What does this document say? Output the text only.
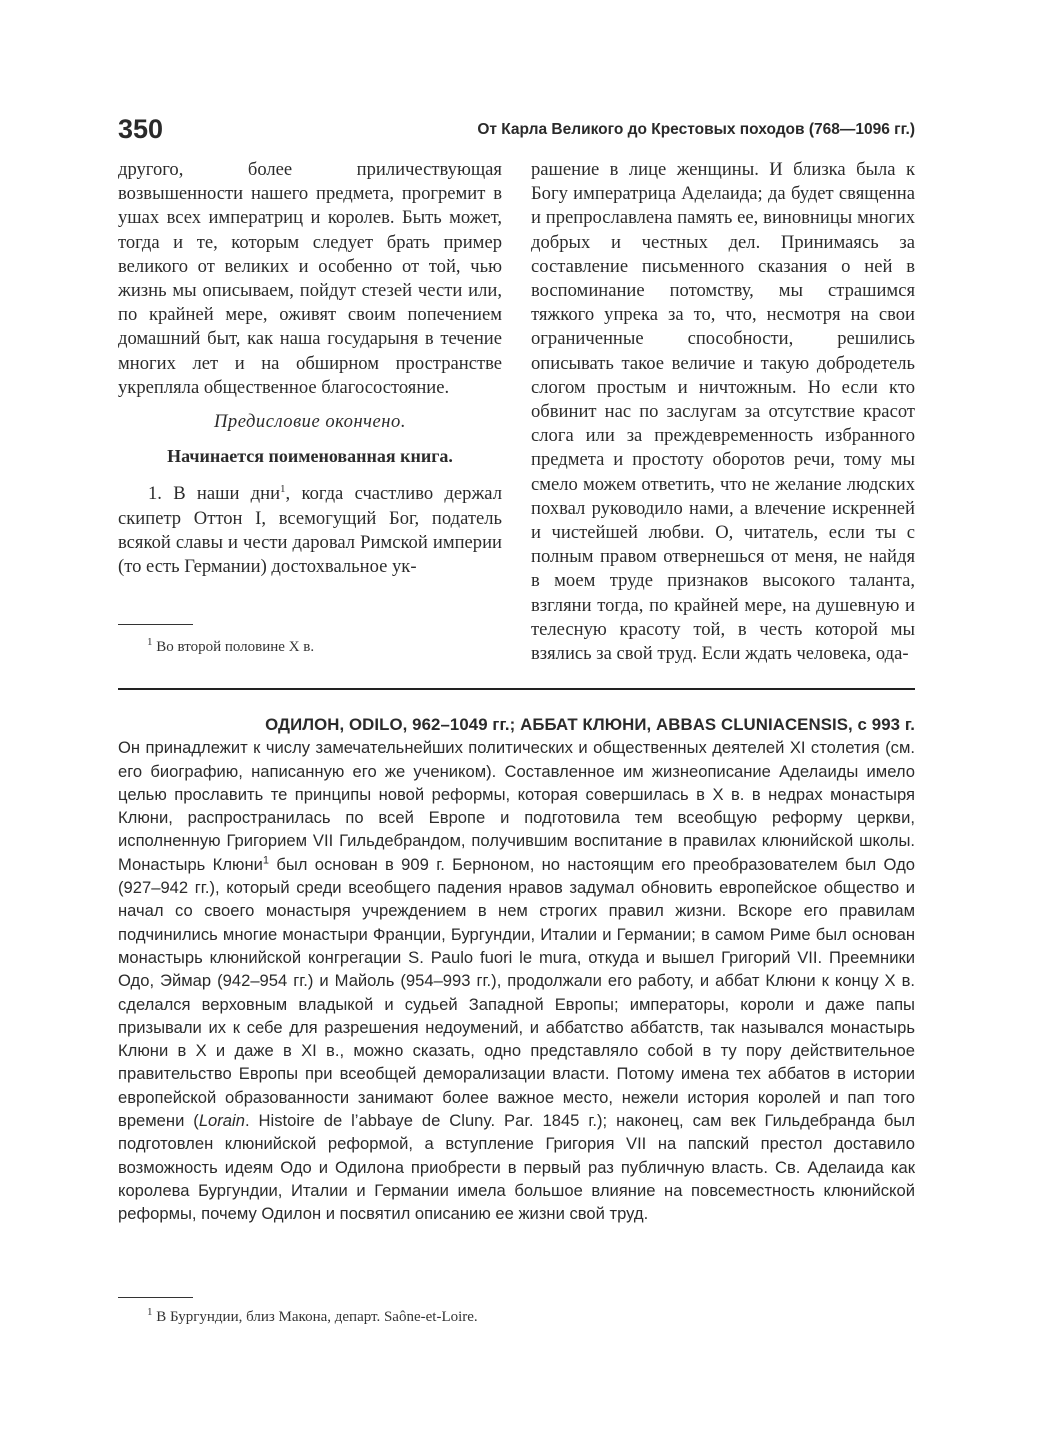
350	От Карла Великого до Крестовых походов (768—1096 гг.)

другого, более приличествующая возвышенности нашего предмета, прогремит в ушах всех императриц и королев. Быть может, тогда и те, которым следует брать пример великого от великих и особенно от той, чью жизнь мы описываем, пойдут стезей чести или, по крайней мере, оживят своим попечением домашний быт, как наша государыня в течение многих лет и на обширном пространстве укрепляла общественное благосостояние.

Предисловие окончено.

Начинается поименованная книга.

1. В наши дни$^1$, когда счастливо держал скипетр Оттон I, всемогущий Бог, податель всякой славы и чести даровал Римской империи (то есть Германии) достохвальное ук-

$^1$ Во второй половине X в.

рашение в лице женщины. И близка была к Богу императрица Аделаида; да будет священна и препрославлена память ее, виновницы многих добрых и честных дел. Принимаясь за составление письменного сказания о ней в воспоминание потомству, мы страшимся тяжкого упрека за то, что, несмотря на свои ограниченные способности, решились описывать такое величие и такую добродетель слогом простым и ничтожным. Но если кто обвинит нас по заслугам за отсутствие красот слога или за преждевременность избранного предмета и простоту оборотов речи, тому мы смело можем ответить, что не желание людских похвал руководило нами, а влечение искренней и чистейшей любви. О, читатель, если ты с полным правом отвернешься от меня, не найдя в моем труде признаков высокого таланта, взгляни тогда, по крайней мере, на душевную и телесную красоту той, в честь которой мы взялись за свой труд. Если ждать человека, ода-

ОДИЛОН, ODILO, 962–1049 гг.; АББАТ КЛЮНИ, ABBAS CLUNIACENSIS, с 993 г.

Он принадлежит к числу замечательнейших политических и общественных деятелей XI столетия (см. его биографию, написанную его же учеником). Составленное им жизнеописание Аделаиды имело целью прославить те принципы новой реформы, которая совершилась в X в. в недрах монастыря Клюни, распространилась по всей Европе и подготовила тем всеобщую реформу церкви, исполненную Григорием VII Гильдебрандом, получившим воспитание в правилах клюнийской школы. Монастырь Клюни$^1$ был основан в 909 г. Берноном, но настоящим его преобразователем был Одо (927–942 гг.), который среди всеобщего падения нравов задумал обновить европейское общество и начал со своего монастыря учреждением в нем строгих правил жизни. Вскоре его правилам подчинились многие монастыри Франции, Бургундии, Италии и Германии; в самом Риме был основан монастырь клюнийской конгрегации S. Paulo fuori le mura, откуда и вышел Григорий VII. Преемники Одо, Эймар (942–954 гг.) и Майоль (954–993 гг.), продолжали его работу, и аббат Клюни к концу X в. сделался верховным владыкой и судьей Западной Европы; императоры, короли и даже папы призывали их к себе для разрешения недоумений, и аббатство аббатств, так назывался монастырь Клюни в X и даже в XI в., можно сказать, одно представляло собой в ту пору действительное правительство Европы при всеобщей деморализации власти. Потому имена тех аббатов в истории европейской образованности занимают более важное место, нежели история королей и пап того времени (Lorain. Histoire de l’abbaye de Cluny. Par. 1845 г.); наконец, сам век Гильдебранда был подготовлен клюнийской реформой, а вступление Григория VII на папский престол доставило возможность идеям Одо и Одилона приобрести в первый раз публичную власть. Св. Аделаида как королева Бургундии, Италии и Германии имела большое влияние на повсеместность клюнийской реформы, почему Одилон и посвятил описанию ее жизни свой труд.

$^1$ В Бургундии, близ Макона, департ. Saône-et-Loire.
